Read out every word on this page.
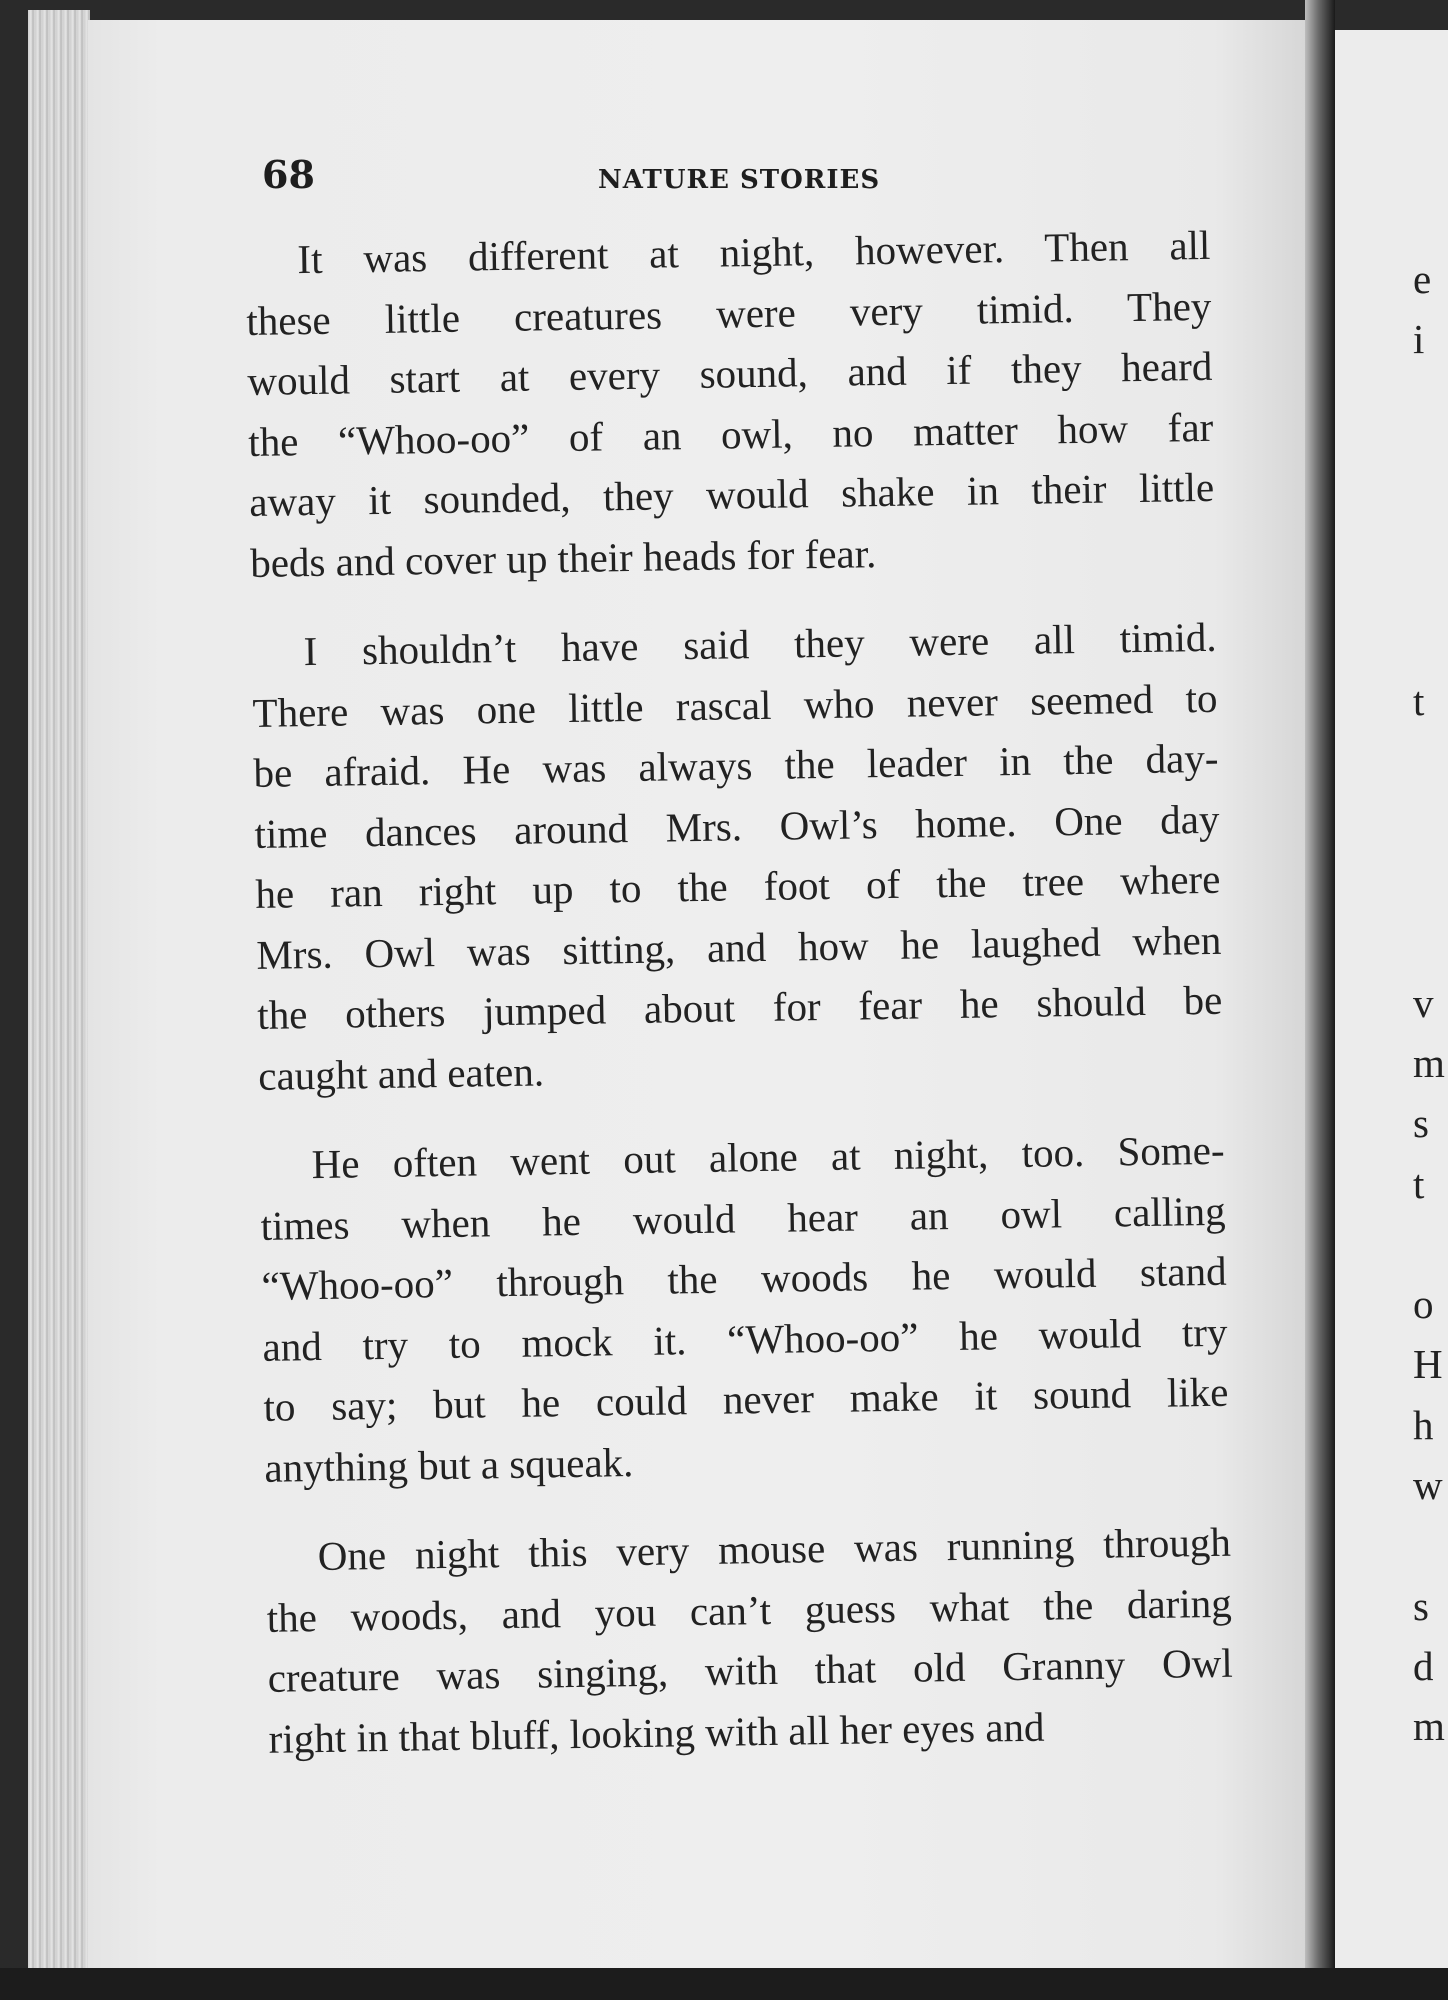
68	NATURE STORIES

It was different at night, however. Then all
these little creatures were very timid. They
would start at every sound, and if they heard
the “Whoo-oo” of an owl, no matter how far
away it sounded, they would shake in their little
beds and cover up their heads for fear.

I shouldn’t have said they were all timid.
There was one little rascal who never seemed to
be afraid. He was always the leader in the day-
time dances around Mrs. Owl’s home. One day
he ran right up to the foot of the tree where
Mrs. Owl was sitting, and how he laughed when
the others jumped about for fear he should be
caught and eaten.

He often went out alone at night, too. Some-
times when he would hear an owl calling
“Whoo-oo” through the woods he would stand
and try to mock it. “Whoo-oo” he would try
to say; but he could never make it sound like
anything but a squeak.

One night this very mouse was running through
the woods, and you can’t guess what the daring
creature was singing, with that old Granny Owl
right in that bluff, looking with all her eyes and

e
i
t
v
m
s
t
o
H
h
w
s
d
m
